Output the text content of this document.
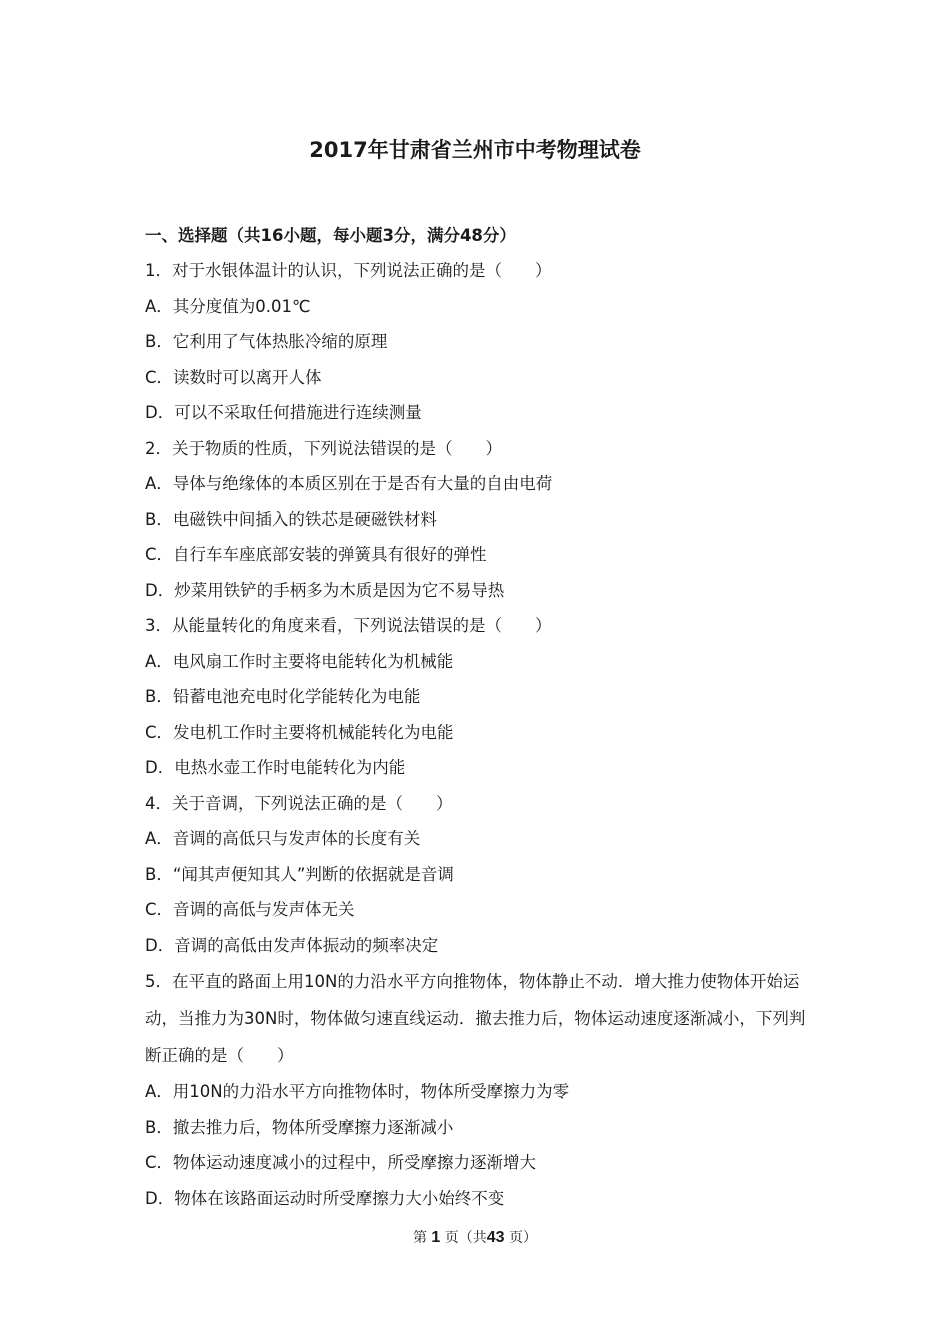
2017年甘肃省兰州市中考物理试卷
一、选择题（共16小题，每小题3分，满分48分）
1．对于水银体温计的认识，下列说法正确的是（　　）
A．其分度值为0.01℃
B．它利用了气体热胀冷缩的原理
C．读数时可以离开人体
D．可以不采取任何措施进行连续测量
2．关于物质的性质，下列说法错误的是（　　）
A．导体与绝缘体的本质区别在于是否有大量的自由电荷
B．电磁铁中间插入的铁芯是硬磁铁材料
C．自行车车座底部安装的弹簧具有很好的弹性
D．炒菜用铁铲的手柄多为木质是因为它不易导热
3．从能量转化的角度来看，下列说法错误的是（　　）
A．电风扇工作时主要将电能转化为机械能
B．铅蓄电池充电时化学能转化为电能
C．发电机工作时主要将机械能转化为电能
D．电热水壶工作时电能转化为内能
4．关于音调，下列说法正确的是（　　）
A．音调的高低只与发声体的长度有关
B．“闻其声便知其人”判断的依据就是音调
C．音调的高低与发声体无关
D．音调的高低由发声体振动的频率决定
5．在平直的路面上用10N的力沿水平方向推物体，物体静止不动．增大推力使物体开始运动，当推力为30N时，物体做匀速直线运动．撤去推力后，物体运动速度逐渐减小，下列判断正确的是（　　）
A．用10N的力沿水平方向推物体时，物体所受摩擦力为零
B．撤去推力后，物体所受摩擦力逐渐减小
C．物体运动速度减小的过程中，所受摩擦力逐渐增大
D．物体在该路面运动时所受摩擦力大小始终不变
第 1 页（共43 页）
